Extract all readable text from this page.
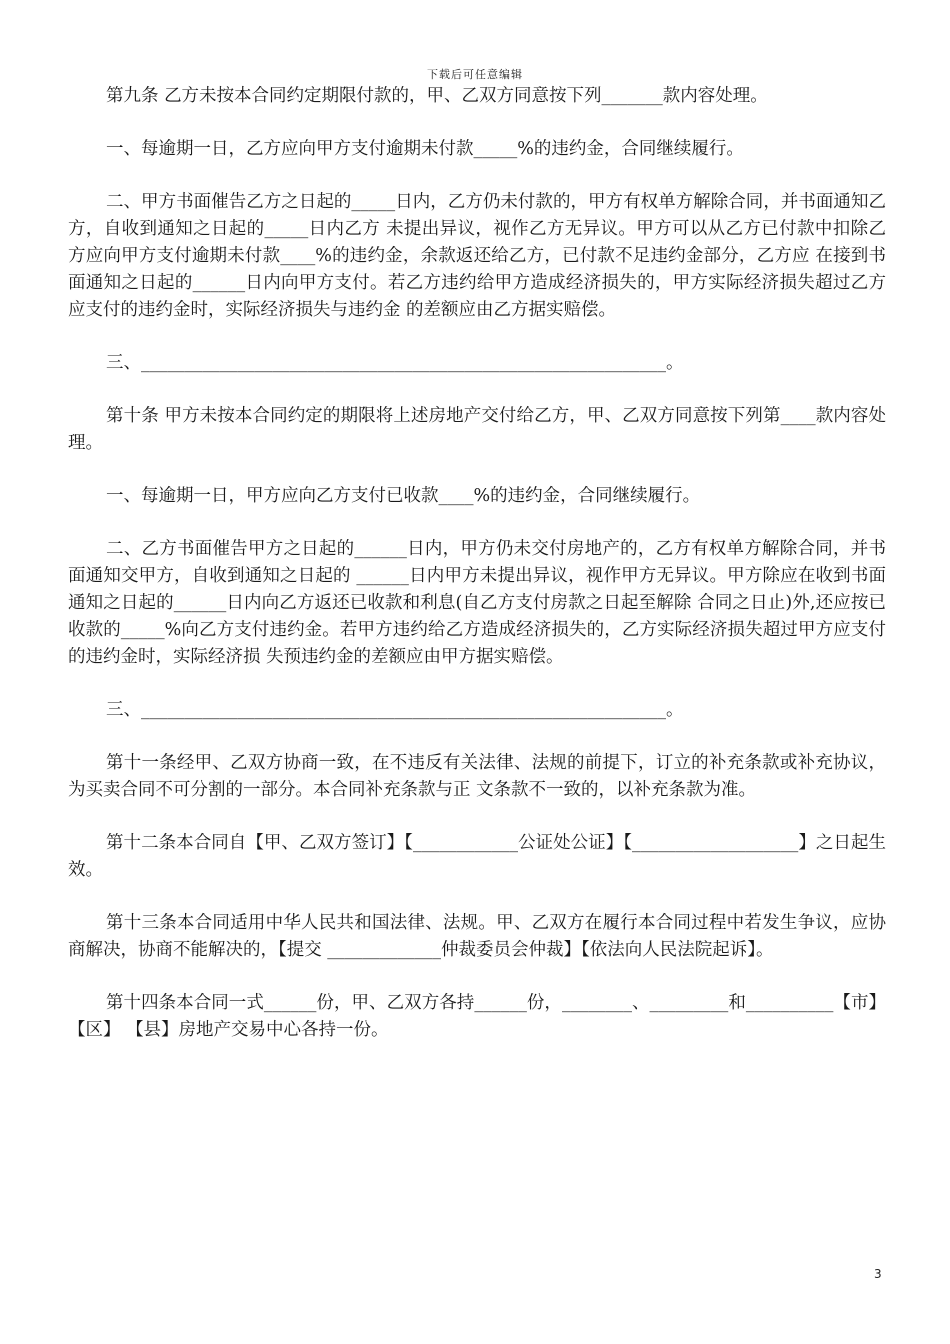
下载后可任意编辑

第九条 乙方未按本合同约定期限付款的，甲、乙双方同意按下列_______款内容处理。

一、每逾期一日，乙方应向甲方支付逾期未付款_____%的违约金，合同继续履行。

二、甲方书面催告乙方之日起的_____日内，乙方仍未付款的，甲方有权单方解除合同，并书面通知乙方，自收到通知之日起的_____日内乙方 未提出异议，视作乙方无异议。甲方可以从乙方已付款中扣除乙方应向甲方支付逾期未付款____%的违约金，余款返还给乙方，已付款不足违约金部分，乙方应 在接到书面通知之日起的______日内向甲方支付。若乙方违约给甲方造成经济损失的，甲方实际经济损失超过乙方应支付的违约金时，实际经济损失与违约金 的差额应由乙方据实赔偿。

三、____________________________________________________________。

第十条 甲方未按本合同约定的期限将上述房地产交付给乙方，甲、乙双方同意按下列第____款内容处理。

一、每逾期一日，甲方应向乙方支付已收款____%的违约金，合同继续履行。

二、乙方书面催告甲方之日起的______日内，甲方仍未交付房地产的，乙方有权单方解除合同，并书面通知交甲方，自收到通知之日起的 ______日内甲方未提出异议，视作甲方无异议。甲方除应在收到书面通知之日起的______日内向乙方返还已收款和利息(自乙方支付房款之日起至解除 合同之日止)外,还应按已收款的_____%向乙方支付违约金。若甲方违约给乙方造成经济损失的，乙方实际经济损失超过甲方应支付的违约金时，实际经济损 失预违约金的差额应由甲方据实赔偿。

三、____________________________________________________________。

第十一条经甲、乙双方协商一致，在不违反有关法律、法规的前提下，订立的补充条款或补充协议，为买卖合同不可分割的一部分。本合同补充条款与正 文条款不一致的，以补充条款为准。

第十二条本合同自【甲、乙双方签订】【____________公证处公证】【___________________】之日起生效。

第十三条本合同适用中华人民共和国法律、法规。甲、乙双方在履行本合同过程中若发生争议，应协商解决，协商不能解决的，【提交 _____________仲裁委员会仲裁】【依法向人民法院起诉】。

第十四条本合同一式______份，甲、乙双方各持______份，________、_________和__________【市】【区】 【县】房地产交易中心各持一份。

3
